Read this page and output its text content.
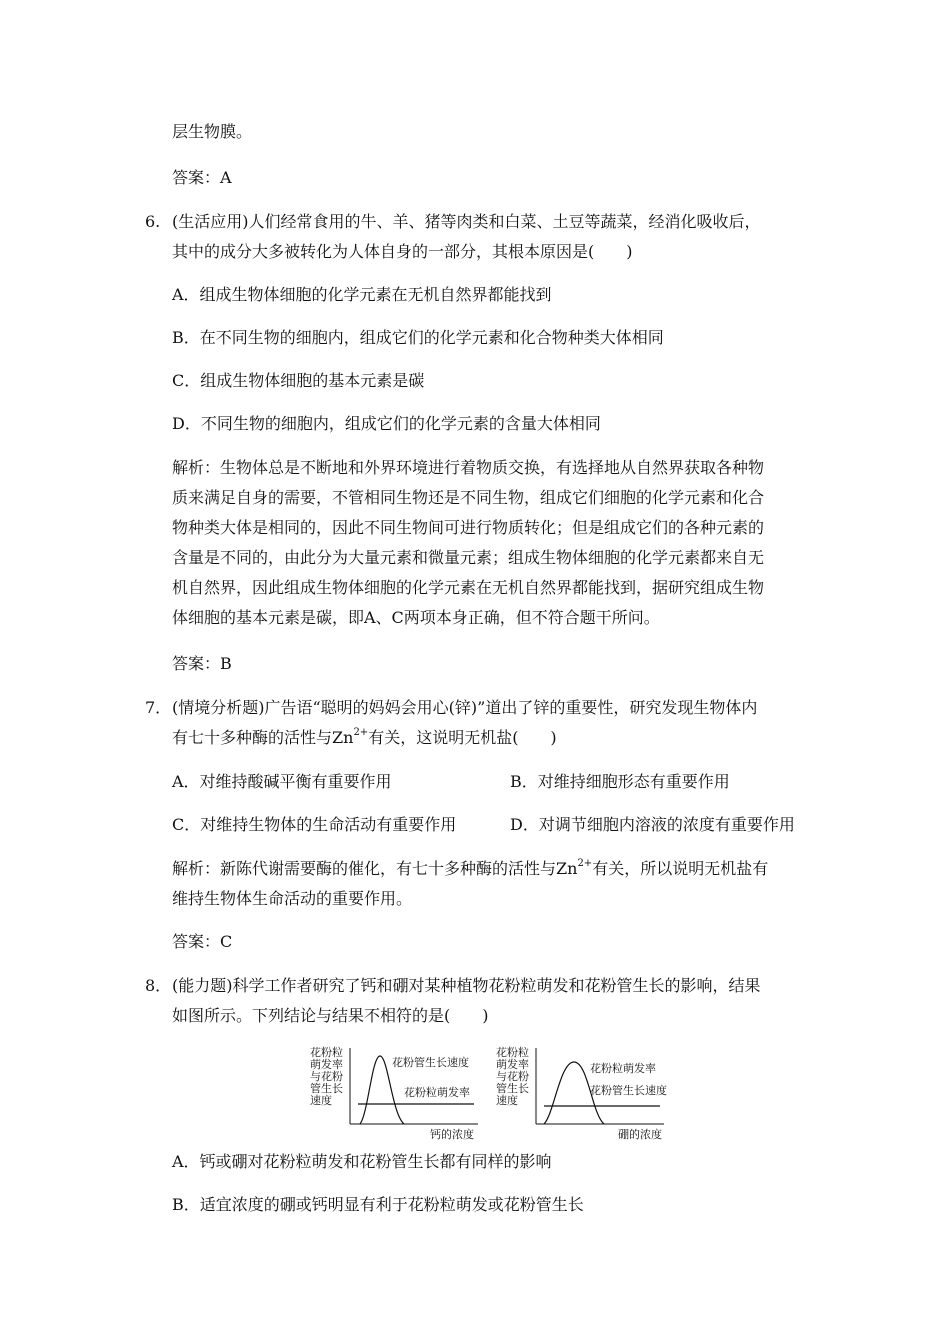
层生物膜。
答案：A
6. (生活应用)人们经常食用的牛、羊、猪等肉类和白菜、土豆等蔬菜，经消化吸收后，
其中的成分大多被转化为人体自身的一部分，其根本原因是(　　)
A．组成生物体细胞的化学元素在无机自然界都能找到
B．在不同生物的细胞内，组成它们的化学元素和化合物种类大体相同
C．组成生物体细胞的基本元素是碳
D．不同生物的细胞内，组成它们的化学元素的含量大体相同
解析：生物体总是不断地和外界环境进行着物质交换，有选择地从自然界获取各种物
质来满足自身的需要，不管相同生物还是不同生物，组成它们细胞的化学元素和化合
物种类大体是相同的，因此不同生物间可进行物质转化；但是组成它们的各种元素的
含量是不同的，由此分为大量元素和微量元素；组成生物体细胞的化学元素都来自无
机自然界，因此组成生物体细胞的化学元素在无机自然界都能找到，据研究组成生物
体细胞的基本元素是碳，即A、C两项本身正确，但不符合题干所问。
答案：B
7． (情境分析题)广告语“聪明的妈妈会用心(锌)”道出了锌的重要性，研究发现生物体内
有七十多种酶的活性与$Zn^{2+}$有关，这说明无机盐(　　)
A．对维持酸碱平衡有重要作用	B．对维持细胞形态有重要作用
C．对维持生物体的生命活动有重要作用	D．对调节细胞内溶液的浓度有重要作用
解析：新陈代谢需要酶的催化，有七十多种酶的活性与$Zn^{2+}$有关，所以说明无机盐有
维持生物体生命活动的重要作用。
答案：C
8． (能力题)科学工作者研究了钙和硼对某种植物花粉粒萌发和花粉管生长的影响，结果
如图所示。下列结论与结果不相符的是(　　)
花粉粒
萌发率
与花粉
管生长
速度
花粉管生长速度
花粉粒萌发率
钙的浓度
花粉粒
萌发率
与花粉
管生长
速度
花粉粒萌发率
花粉管生长速度
硼的浓度
A．钙或硼对花粉粒萌发和花粉管生长都有同样的影响
B．适宜浓度的硼或钙明显有利于花粉粒萌发或花粉管生长
